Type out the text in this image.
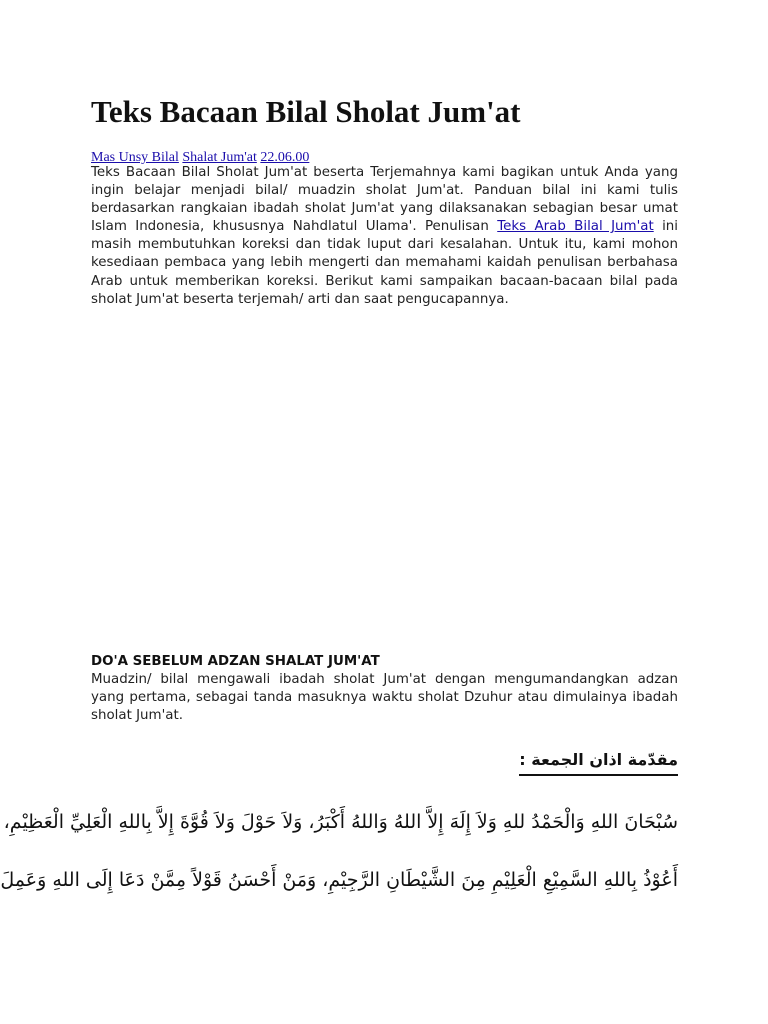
Teks Bacaan Bilal Sholat Jum'at
Mas Unsy Bilal Shalat Jum'at 22.06.00

Teks Bacaan Bilal Sholat Jum'at beserta Terjemahnya kami bagikan untuk Anda yang ingin belajar menjadi bilal/ muadzin sholat Jum'at. Panduan bilal ini kami tulis berdasarkan rangkaian ibadah sholat Jum'at yang dilaksanakan sebagian besar umat Islam Indonesia, khususnya Nahdlatul Ulama'. Penulisan Teks Arab Bilal Jum'at ini masih membutuhkan koreksi dan tidak luput dari kesalahan. Untuk itu, kami mohon kesediaan pembaca yang lebih mengerti dan memahami kaidah penulisan berbahasa Arab untuk memberikan koreksi. Berikut kami sampaikan bacaan-bacaan bilal pada sholat Jum'at beserta terjemah/ arti dan saat pengucapannya.

DO'A SEBELUM ADZAN SHALAT JUM'AT

Muadzin/ bilal mengawali ibadah sholat Jum'at dengan mengumandangkan adzan yang pertama, sebagai tanda masuknya waktu sholat Dzuhur atau dimulainya ibadah sholat Jum'at.

مقدّمة اذان الجمعة :

سُبْحَانَ اللهِ وَالْحَمْدُ للهِ وَلاَ إِلَهَ إِلاَّ اللهُ وَاللهُ أَكْبَرُ، وَلاَ حَوْلَ وَلاَ قُوَّةَ إِلاَّ بِاللهِ الْعَلِيِّ الْعَظِيْمِ،

أَعُوْذُ بِاللهِ السَّمِيْعِ الْعَلِيْمِ مِنَ الشَّيْطَانِ الرَّجِيْمِ، وَمَنْ أَحْسَنُ قَوْلاً مِمَّنْ دَعَا إِلَى اللهِ وَعَمِلَ
